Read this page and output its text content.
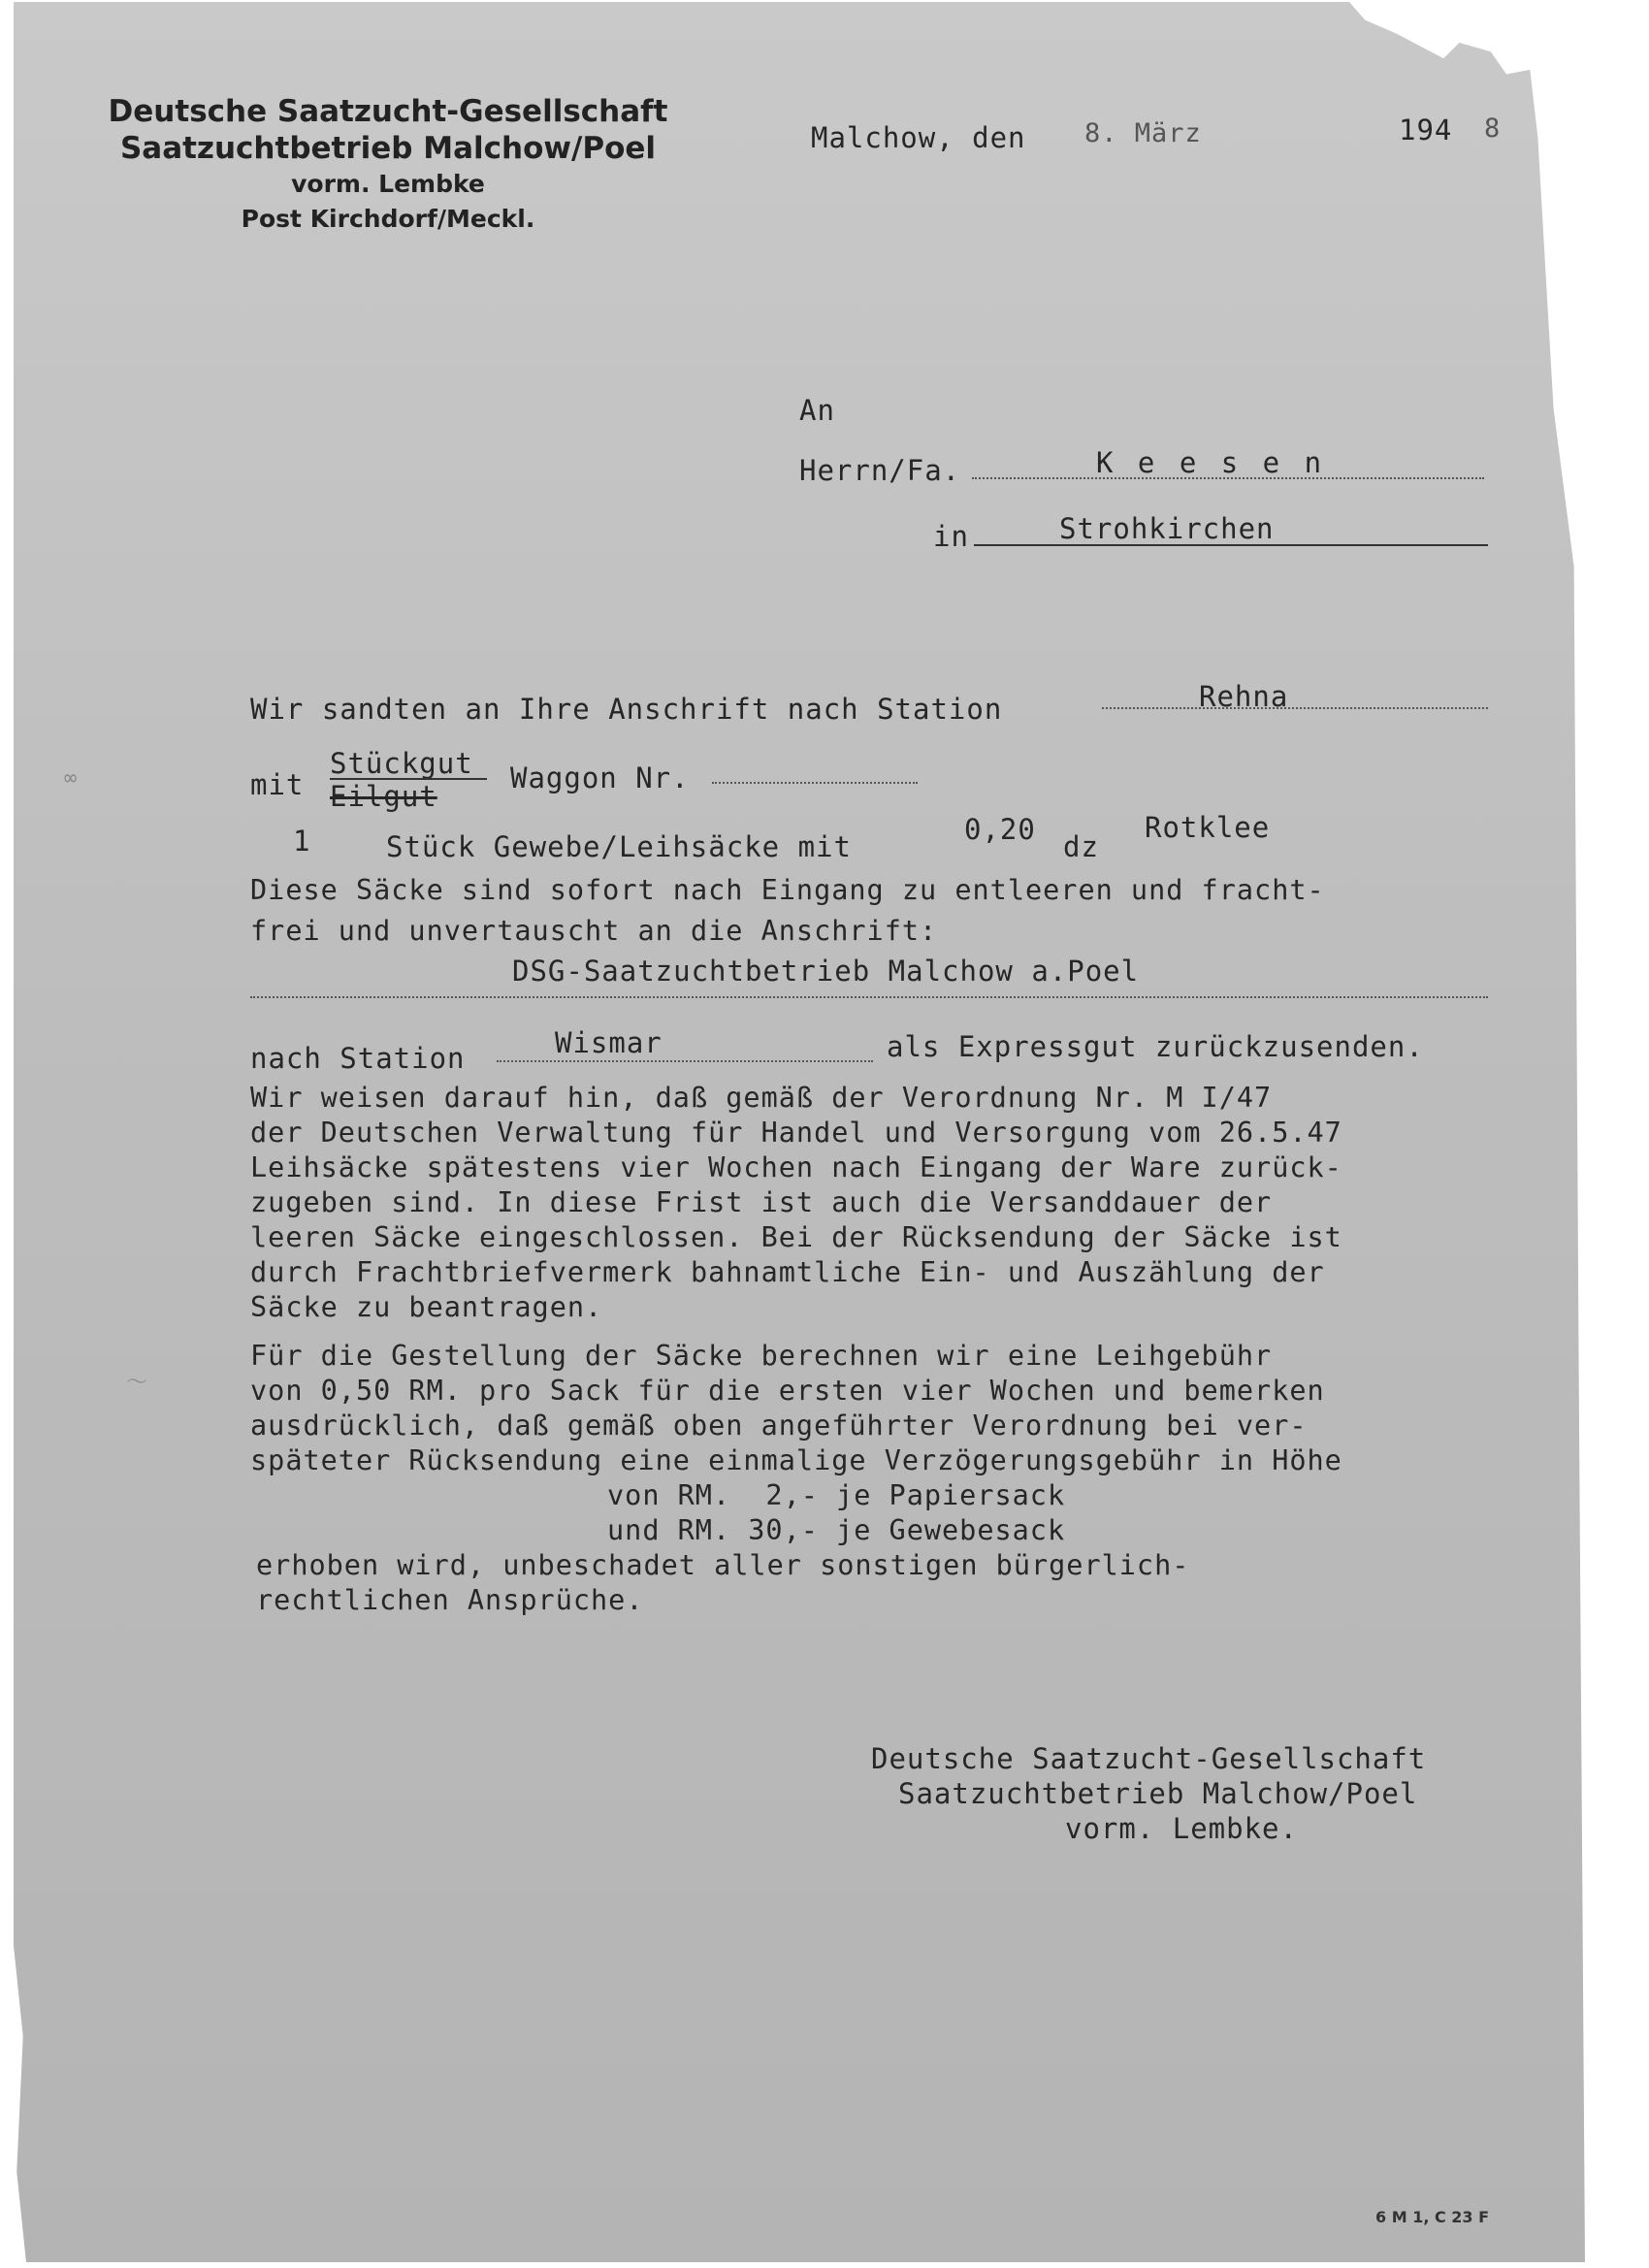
Deutsche Saatzucht-Gesellschaft
Saatzuchtbetrieb Malchow/Poel
vorm. Lembke
Post Kirchdorf/Meckl.
Malchow, den 8. März	194 8
An
Herrn/Fa.	K e e s e n
in	Strohkirchen
Wir sandten an Ihre Anschrift nach Station	Rehna
mit
Stückgut
Eilgut
Waggon Nr.
1	Stück Gewebe/Leihsäcke mit
0,20
dz
Rotklee
Diese Säcke sind sofort nach Eingang zu entleeren und fracht-
frei und unvertauscht an die Anschrift:
DSG-Saatzuchtbetrieb Malchow a.Poel
nach Station	Wismar	als Expressgut zurückzusenden.
Wir weisen darauf hin, daß gemäß der Verordnung Nr. M I/47
der Deutschen Verwaltung für Handel und Versorgung vom 26.5.47
Leihsäcke spätestens vier Wochen nach Eingang der Ware zurück-
zugeben sind. In diese Frist ist auch die Versanddauer der
leeren Säcke eingeschlossen. Bei der Rücksendung der Säcke ist
durch Frachtbriefvermerk bahnamtliche Ein- und Auszählung der
Säcke zu beantragen.
Für die Gestellung der Säcke berechnen wir eine Leihgebühr
von 0,50 RM. pro Sack für die ersten vier Wochen und bemerken
ausdrücklich, daß gemäß oben angeführter Verordnung bei ver-
späteter Rücksendung eine einmalige Verzögerungsgebühr in Höhe
von RM.  2,- je Papiersack
und RM. 30,- je Gewebesack
erhoben wird, unbeschadet aller sonstigen bürgerlich-
rechtlichen Ansprüche.
Deutsche Saatzucht-Gesellschaft
Saatzuchtbetrieb Malchow/Poel
vorm. Lembke.
∞
～
6 M 1, C 23 F
